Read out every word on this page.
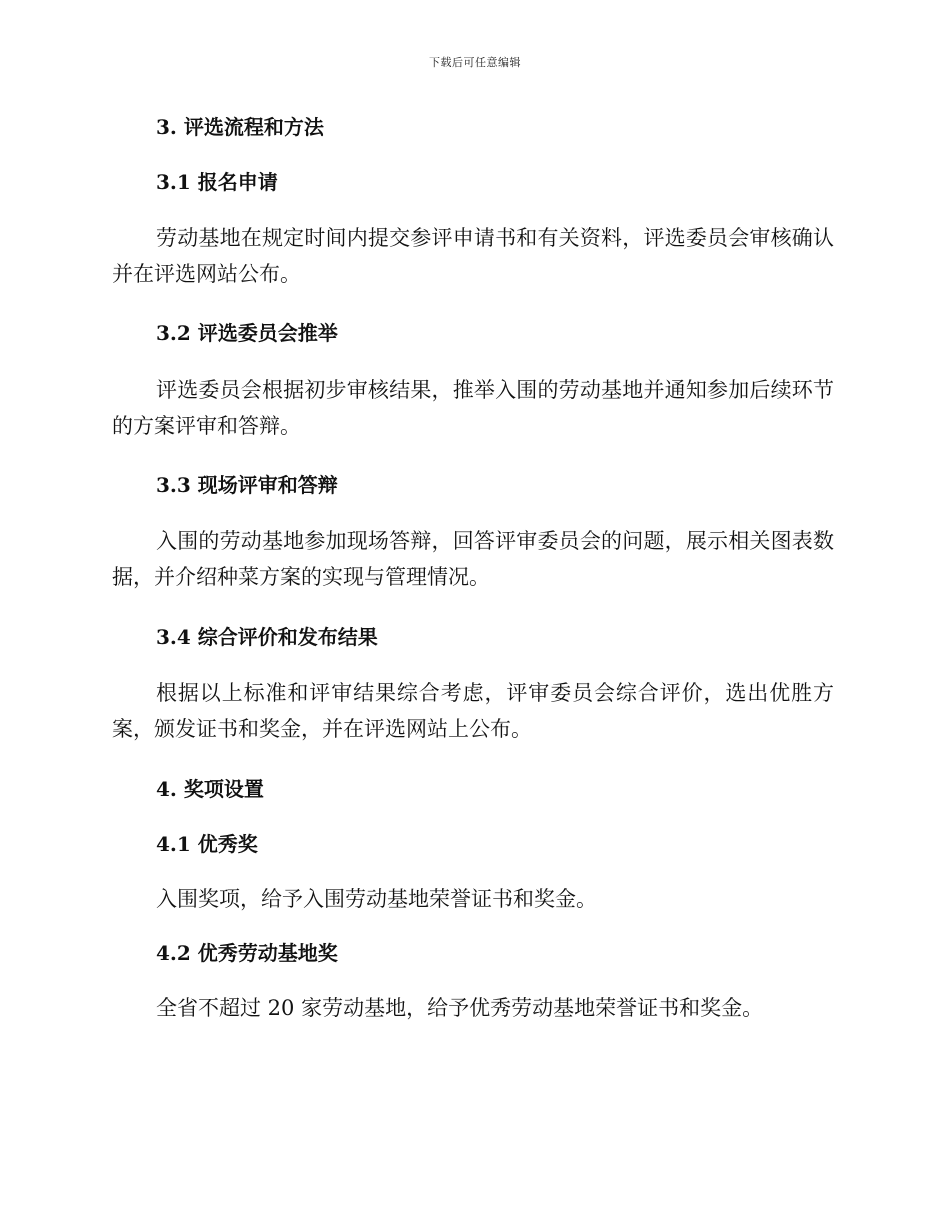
下载后可任意编辑
3. 评选流程和方法
3.1 报名申请
劳动基地在规定时间内提交参评申请书和有关资料，评选委员会审核确认并在评选网站公布。
3.2 评选委员会推举
评选委员会根据初步审核结果，推举入围的劳动基地并通知参加后续环节的方案评审和答辩。
3.3 现场评审和答辩
入围的劳动基地参加现场答辩，回答评审委员会的问题，展示相关图表数据，并介绍种菜方案的实现与管理情况。
3.4 综合评价和发布结果
根据以上标准和评审结果综合考虑，评审委员会综合评价，选出优胜方案，颁发证书和奖金，并在评选网站上公布。
4. 奖项设置
4.1 优秀奖
入围奖项，给予入围劳动基地荣誉证书和奖金。
4.2 优秀劳动基地奖
全省不超过 20 家劳动基地，给予优秀劳动基地荣誉证书和奖金。
